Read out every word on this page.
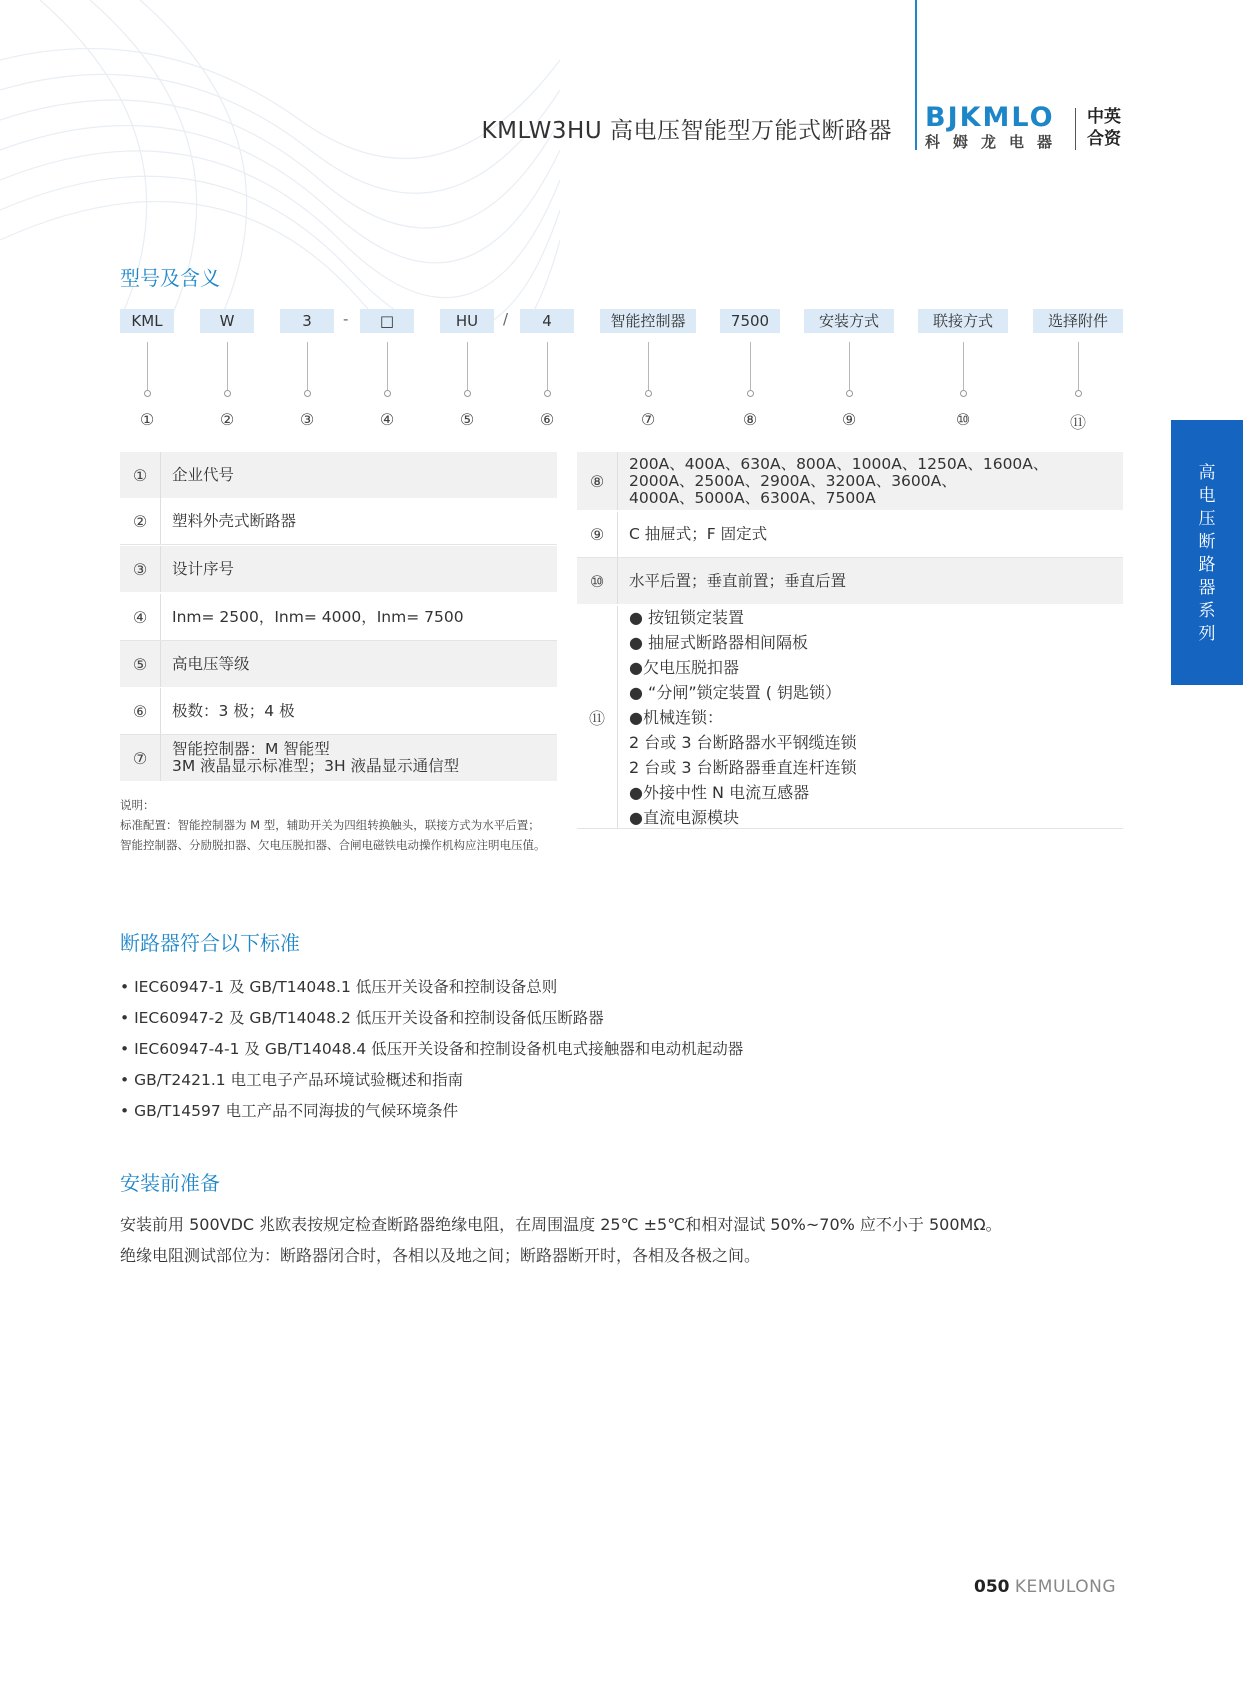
KMLW3HU 高电压智能型万能式断路器 BJKMLO
科姆龙电器
中英
合资
高电压断路器系列
型号及含义
KML
①
W
②
3
③
□
④
HU
⑤
4
⑥
智能控制器
⑦
7500
⑧
安装方式
⑨
联接方式
⑩
选择附件
⑪
-	/
①	企业代号
②	塑料外壳式断路器
③	设计序号
④	Inm= 2500，Inm= 4000，Inm= 7500
⑤	高电压等级
⑥	极数：3 极；4 极
⑦	智能控制器：M 智能型
3M 液晶显示标准型；3H 液晶显示通信型
⑧
200A、400A、630A、800A、1000A、1250A、1600A、
2000A、2500A、2900A、3200A、3600A、
4000A、5000A、6300A、7500A
⑨	C 抽屉式；F 固定式
⑩	水平后置；垂直前置；垂直后置
⑪
● 按钮锁定装置
● 抽屉式断路器相间隔板
●欠电压脱扣器
● “分闸”锁定装置 ( 钥匙锁）
●机械连锁：
2 台或 3 台断路器水平钢缆连锁
2 台或 3 台断路器垂直连杆连锁
●外接中性 N 电流互感器
●直流电源模块
说明：
标准配置：智能控制器为 M 型，辅助开关为四组转换触头，联接方式为水平后置；
智能控制器、分励脱扣器、欠电压脱扣器、合闸电磁铁电动操作机构应注明电压值。
断路器符合以下标准
• IEC60947-1 及 GB/T14048.1 低压开关设备和控制设备总则
• IEC60947-2 及 GB/T14048.2 低压开关设备和控制设备低压断路器
• IEC60947-4-1 及 GB/T14048.4 低压开关设备和控制设备机电式接触器和电动机起动器
• GB/T2421.1 电工电子产品环境试验概述和指南
• GB/T14597 电工产品不同海拔的气候环境条件
安装前准备
安装前用 500VDC 兆欧表按规定检查断路器绝缘电阻，在周围温度 25℃ ±5℃和相对湿试 50%~70% 应不小于 500MΩ。
绝缘电阻测试部位为：断路器闭合时，各相以及地之间；断路器断开时，各相及各极之间。
050 KEMULONG
